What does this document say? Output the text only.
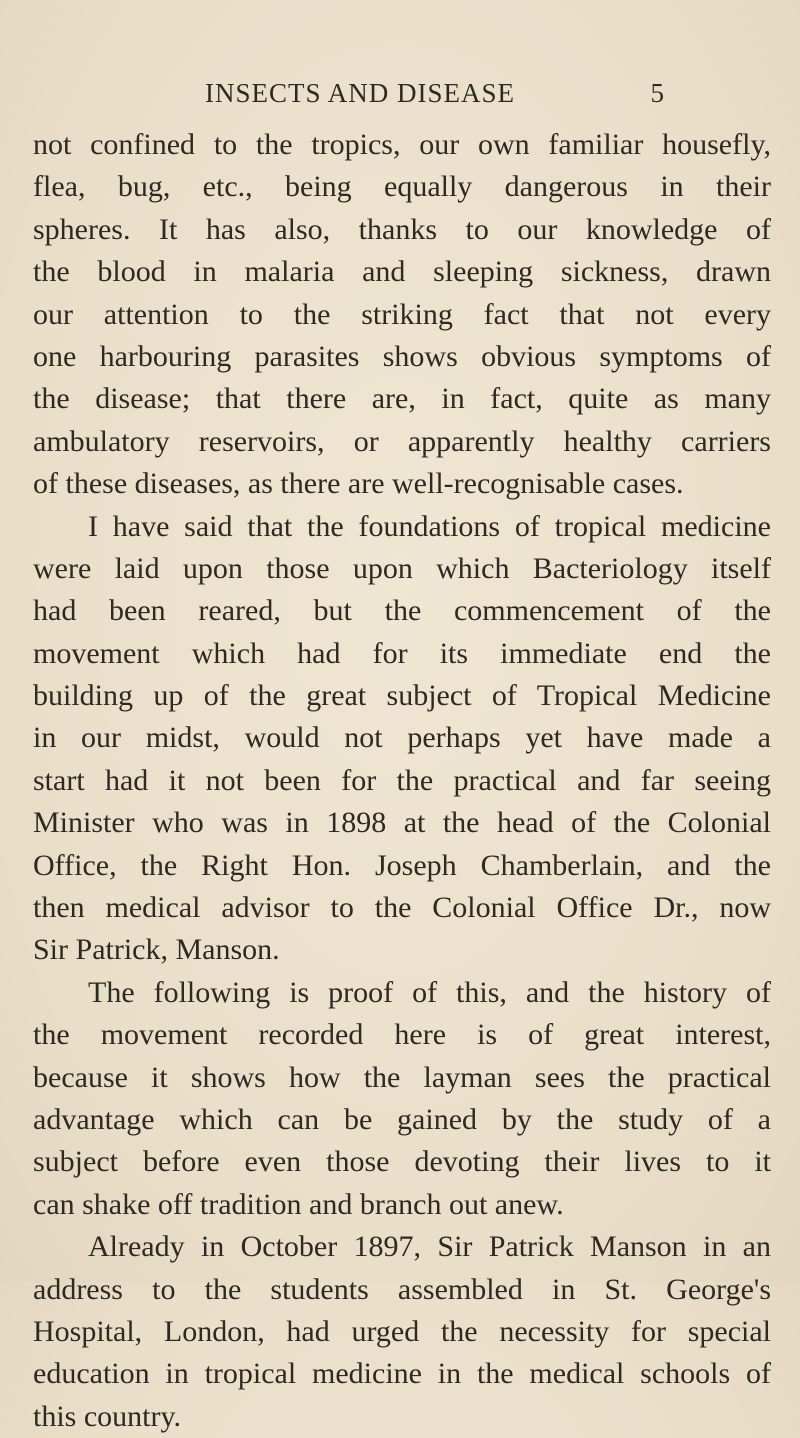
INSECTS AND DISEASE	5
not confined to the tropics, our own familiar housefly,
flea, bug, etc., being equally dangerous in their
spheres. It has also, thanks to our knowledge of
the blood in malaria and sleeping sickness, drawn
our attention to the striking fact that not every
one harbouring parasites shows obvious symptoms of
the disease; that there are, in fact, quite as many
ambulatory reservoirs, or apparently healthy carriers
of these diseases, as there are well-recognisable cases.
I have said that the foundations of tropical medicine
were laid upon those upon which Bacteriology itself
had been reared, but the commencement of the
movement which had for its immediate end the
building up of the great subject of Tropical Medicine
in our midst, would not perhaps yet have made a
start had it not been for the practical and far seeing
Minister who was in 1898 at the head of the Colonial
Office, the Right Hon. Joseph Chamberlain, and the
then medical advisor to the Colonial Office Dr., now
Sir Patrick, Manson.
The following is proof of this, and the history of
the movement recorded here is of great interest,
because it shows how the layman sees the practical
advantage which can be gained by the study of a
subject before even those devoting their lives to it
can shake off tradition and branch out anew.
Already in October 1897, Sir Patrick Manson in an
address to the students assembled in St. George's
Hospital, London, had urged the necessity for special
education in tropical medicine in the medical schools of
this country.
